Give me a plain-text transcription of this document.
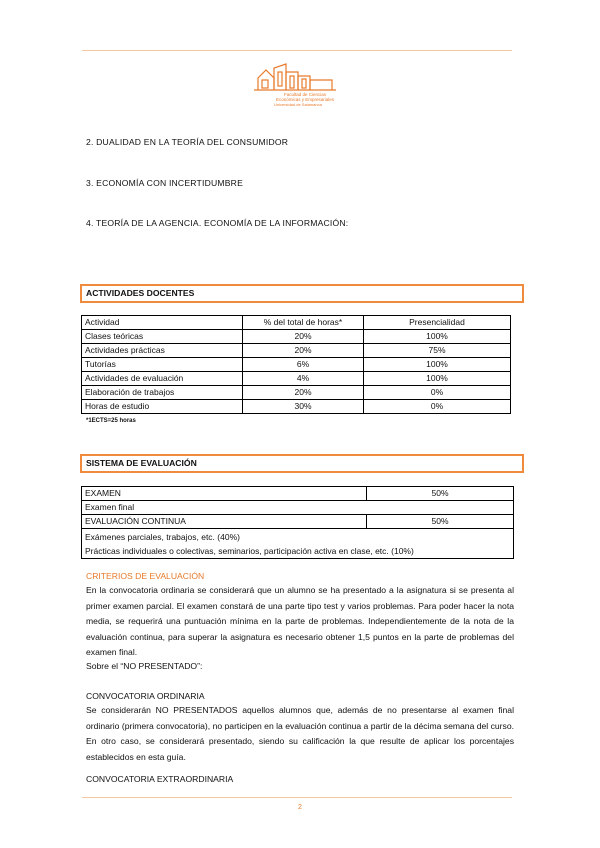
Facultad de Ciencias
Económicas y Empresariales
Universidad de Salamanca
2. DUALIDAD EN LA TEORÍA DEL CONSUMIDOR
3. ECONOMÍA CON INCERTIDUMBRE
4. TEORÍA DE LA AGENCIA. ECONOMÍA DE LA INFORMACIÓN:
ACTIVIDADES DOCENTES
Actividad	% del total de horas*	Presencialidad
Clases teóricas	20%	100%
Actividades prácticas	20%	75%
Tutorías	6%	100%
Actividades de evaluación	4%	100%
Elaboración de trabajos	20%	0%
Horas de estudio	30%	0%
*1ECTS=25 horas
SISTEMA DE EVALUACIÓN
EXAMEN	50%
Examen final	
EVALUACIÓN CONTINUA	50%
Exámenes parciales, trabajos, etc. (40%)
Prácticas individuales o colectivas, seminarios, participación activa en clase, etc. (10%)	
CRITERIOS DE EVALUACIÓN
En la convocatoria ordinaria se considerará que un alumno se ha presentado a la asignatura si se presenta al primer examen parcial. El examen constará de una parte tipo test y varios problemas. Para poder hacer la nota media, se requerirá una puntuación mínima en la parte de problemas. Independientemente de la nota de la evaluación continua, para superar la asignatura es necesario obtener 1,5 puntos en la parte de problemas del examen final.
Sobre el “NO PRESENTADO”:
CONVOCATORIA ORDINARIA
Se considerarán NO PRESENTADOS aquellos alumnos que, además de no presentarse al examen final ordinario (primera convocatoria), no participen en la evaluación continua a partir de la décima semana del curso. En otro caso, se considerará presentado, siendo su calificación la que resulte de aplicar los porcentajes establecidos en esta guía.
CONVOCATORIA EXTRAORDINARIA
2
